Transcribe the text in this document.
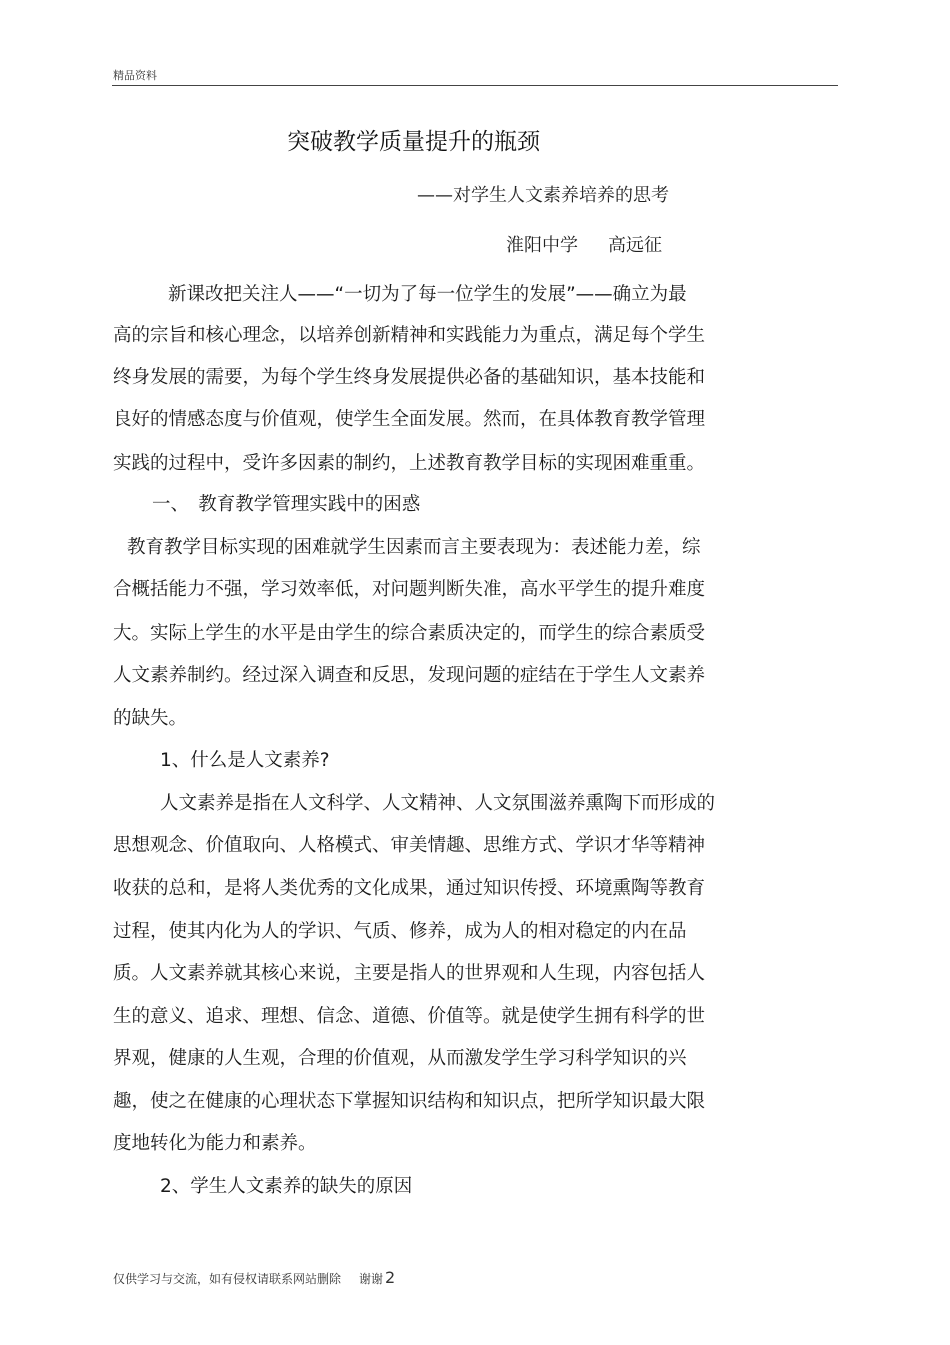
精品资料
突破教学质量提升的瓶颈
——对学生人文素养培养的思考
淮阳中学 高远征
新课改把关注人——“一切为了每一位学生的发展”——确立为最
高的宗旨和核心理念，以培养创新精神和实践能力为重点，满足每个学生
终身发展的需要，为每个学生终身发展提供必备的基础知识，基本技能和
良好的情感态度与价值观，使学生全面发展。然而，在具体教育教学管理
实践的过程中，受许多因素的制约，上述教育教学目标的实现困难重重。
一、　教育教学管理实践中的困惑
教育教学目标实现的困难就学生因素而言主要表现为：表述能力差，综
合概括能力不强，学习效率低，对问题判断失准，高水平学生的提升难度
大。实际上学生的水平是由学生的综合素质决定的，而学生的综合素质受
人文素养制约。经过深入调查和反思，发现问题的症结在于学生人文素养
的缺失。
1、什么是人文素养?
人文素养是指在人文科学、人文精神、人文氛围滋养熏陶下而形成的
思想观念、价值取向、人格模式、审美情趣、思维方式、学识才华等精神
收获的总和，是将人类优秀的文化成果，通过知识传授、环境熏陶等教育
过程，使其内化为人的学识、气质、修养，成为人的相对稳定的内在品
质。人文素养就其核心来说，主要是指人的世界观和人生现，内容包括人
生的意义、追求、理想、信念、道德、价值等。就是使学生拥有科学的世
界观，健康的人生观，合理的价值观，从而激发学生学习科学知识的兴
趣，使之在健康的心理状态下掌握知识结构和知识点，把所学知识最大限
度地转化为能力和素养。
2、学生人文素养的缺失的原因
仅供学习与交流，如有侵权请联系网站删除 谢谢 2
